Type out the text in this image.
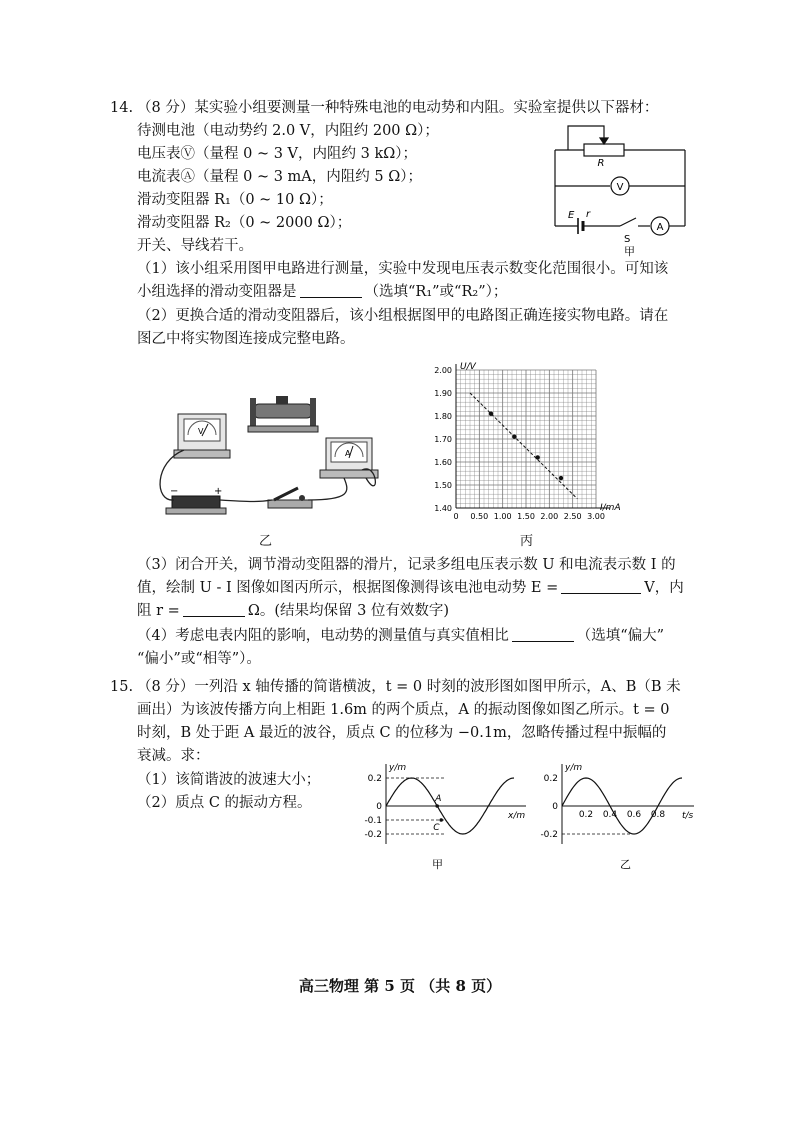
14. （8 分）某实验小组要测量一种特殊电池的电动势和内阻。实验室提供以下器材：
待测电池（电动势约 2.0 V，内阻约 200 Ω）；
电压表Ⓥ（量程 0 ~ 3 V，内阻约 3 kΩ）；
电流表Ⓐ（量程 0 ~ 3 mA，内阻约 5 Ω）；
滑动变阻器 R₁（0 ~ 10 Ω）；
滑动变阻器 R₂（0 ~ 2000 Ω）；
开关、导线若干。
R
V
A
E r
S
甲
（1）该小组采用图甲电路进行测量，实验中发现电压表示数变化范围很小。可知该
小组选择的滑动变阻器是	（选填“R₁”或“R₂”）；
（2）更换合适的滑动变阻器后，该小组根据图甲的电路图正确连接实物电路。请在
图乙中将实物图连接成完整电路。
V
A
−	+
乙
U/V
I/mA
1.40
1.50
1.60
1.70
1.80
1.90
2.00
0 0.50 1.00 1.50 2.00 2.50 3.00
丙
（3）闭合开关，调节滑动变阻器的滑片，记录多组电压表示数 U 和电流表示数 I 的
值，绘制 U - I 图像如图丙所示，根据图像测得该电池电动势 E =	V，内
阻 r =	Ω。(结果均保留 3 位有效数字)
（4）考虑电表内阻的影响，电动势的测量值与真实值相比	（选填“偏大”
“偏小”或“相等”）。
15. （8 分）一列沿 x 轴传播的简谐横波，t = 0 时刻的波形图如图甲所示，A、B（B 未
画出）为该波传播方向上相距 1.6m 的两个质点，A 的振动图像如图乙所示。t = 0
时刻，B 处于距 A 最近的波谷，质点 C 的位移为 −0.1m，忽略传播过程中振幅的
衰减。求：
（1）该简谐波的波速大小；
（2）质点 C 的振动方程。
y/m
x/m
0.2
0
-0.1
-0.2
A
C
甲
y/m
t/s
0.2
0
-0.2
0.2 0.4 0.6 0.8
乙
高三物理 第 5 页 （共 8 页）
